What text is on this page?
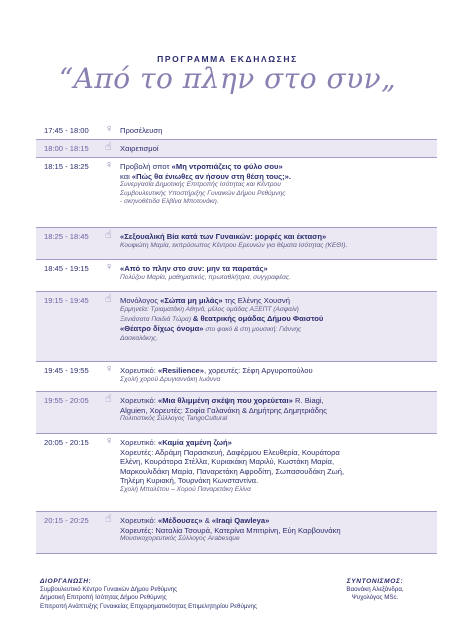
ΠΡΟΓΡΑΜΜΑ ΕΚΔΗΛΩΣΗΣ
“Από το πλην στο συν„
17:45 - 18:00 ♀ Προσέλευση
18:00 - 18:15 ☝ Χαιρετισμοί
18:15 - 18:25 ♀ Προβολή σποτ «Μη ντροπιάζεις το φύλο σου»
και «Πώς θα ένιωθες αν ήσουν στη θέση τους;».
Συνεργασία Δημοτικής Επιτροπής Ισότητας και Κέντρου
Συμβουλευτικής Υποστήριξης Γυναικών Δήμου Ρεθύμνης
- σκηνοθέτιδα Ελβίνα Μποτονάκη.
18:25 - 18:45 ☝ «Σεξουαλική Βία κατά των Γυναικών: μορφές και έκταση»
Κουφιώτη Μαρία, εκπρόσωπος Κέντρου Ερευνών για θέματα Ισότητας (ΚΕΘΙ).
18:45 - 19:15 ♀ «Από το πλην στο συν: μην τα παρατάς»
Πολύζου Μαρία, μαθηματικός, πρωταθλήτρια, συγγραφέας.
19:15 - 19:45 ☝ Μονόλογος «Σώπα μη μιλάς» της Ελένης Χουσνή
Ερμηνεία: Τριαματάκη Αθηνά, μέλος ομάδας ΑΞΕΠΤ (Ασφαλή
Ξενιάσατα Παιδιά Τώρα) & θεατρικής ομάδας Δήμου Φαιστού
«Θέατρο δίχως όνομα» στο φακό & στη μουσική: Γιάννης
Δασκαλάκης.
19:45 - 19:55 ♀ Χορευτικό: «Resilience», χορευτές: Σέφη Αργυροπούλου
Σχολή χορού Δρυγιαννάκη Ιωάννα
19:55 - 20:05 ☝ Χορευτικό: «Μια θλιμμένη σκέψη που χορεύεται» R. Biagi,
Alguien, Χορευτές: Σοφία Γαλανάκη & Δημήτρης Δημητριάδης
Πολιτιστικός Σύλλογος TangoCultural
20:05 - 20:15 ♀ Χορευτικό: «Καμία χαμένη ζωή»
Χορευτές: Αδράμη Παρασκευή, Δαφέρμου Ελευθερία, Κουράτορα
Ελένη, Κουράτορα Στέλλα, Κυριακάκη Μαριλύ, Κωστάκη Μαρία,
Μαρκουλιδάκη Μαρία, Παναρετάκη Αφροδίτη, Σωπασουδάκη Ζωή,
Τηλέμη Κυριακή, Τουρνάκη Κωνσταντίνα.
Σχολή Μπαλέτου – Χορού Παναρετάκη Ελίνα
20:15 - 20:25 ☝ Χορευτικό: «Μέδουσες» & «Iraqi Qawleya»
Χορευτές: Ναταλία Τσουρά, Κατερίνα Μπιτιρίνη, Εύη Καρβουνάκη
Μουσικοχορευτικός Σύλλογος Arabesque
ΔΙΟΡΓΑΝΩΣΗ:
Συμβουλευτικό Κέντρο Γυναικών Δήμου Ρεθύμνης
Δημοτική Επιτροπή Ισότητας Δήμου Ρεθύμνης
Επιτροπή Ανάπτυξης Γυναικείας Επιχειρηματικότητας Επιμελητηρίου Ρεθύμνης
ΣΥΝΤΟΝΙΣΜΟΣ:
Βαονάκη Αλεξάνδρα,
Ψυχολόγος MSc.
